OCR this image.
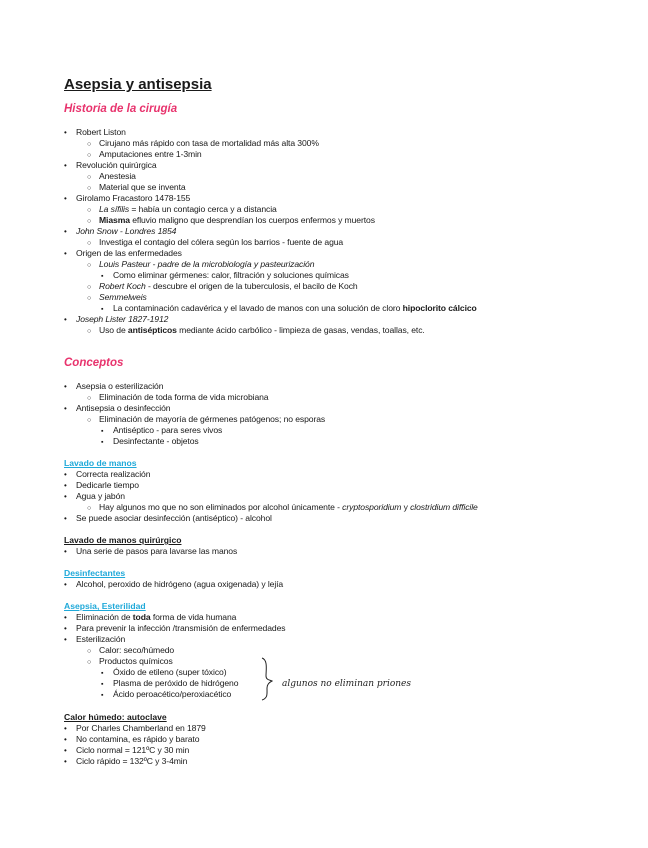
Asepsia y antisepsia
Historia de la cirugía
• Robert Liston
○ Cirujano más rápido con tasa de mortalidad más alta 300%
○ Amputaciones entre 1-3min
• Revolución quirúrgica
○ Anestesia
○ Material que se inventa
• Girolamo Fracastoro 1478-155
○ La sífilis = había un contagio cerca y a distancia
○ Miasma efluvio maligno que desprendían los cuerpos enfermos y muertos
• John Snow - Londres 1854
○ Investiga el contagio del cólera según los barrios - fuente de agua
• Origen de las enfermedades
○ Louis Pasteur - padre de la microbiología y pasteurización
▪ Como eliminar gérmenes: calor, filtración y soluciones químicas
○ Robert Koch - descubre el origen de la tuberculosis, el bacilo de Koch
○ Semmelweis
▪ La contaminación cadavérica y el lavado de manos con una solución de cloro hipoclorito cálcico
• Joseph Lister 1827-1912
○ Uso de antisépticos mediante ácido carbólico - limpieza de gasas, vendas, toallas, etc.
Conceptos
• Asepsia o esterilización
○ Eliminación de toda forma de vida microbiana
• Antisepsia o desinfección
○ Eliminación de mayoría de gérmenes patógenos; no esporas
▪ Antiséptico - para seres vivos
▪ Desinfectante - objetos
Lavado de manos
• Correcta realización
• Dedicarle tiempo
• Agua y jabón
○ Hay algunos mo que no son eliminados por alcohol únicamente - cryptosporidium y clostridium difficile
• Se puede asociar desinfección (antiséptico) - alcohol
Lavado de manos quirúrgico
• Una serie de pasos para lavarse las manos
Desinfectantes
• Alcohol, peroxido de hidrógeno (agua oxigenada) y lejía
Asepsia, Esterilidad
• Eliminación de toda forma de vida humana
• Para prevenir la infección /transmisión de enfermedades
• Esterilización
○ Calor: seco/húmedo
○ Productos químicos
▪ Óxido de etileno (super tóxico)
▪ Plasma de peróxido de hidrógeno
▪ Ácido peroacético/peroxiacético
algunos no eliminan priones
Calor húmedo: autoclave
• Por Charles Chamberland en 1879
• No contamina, es rápido y barato
• Ciclo normal = 121ºC y 30 min
• Ciclo rápido = 132ºC y 3-4min
